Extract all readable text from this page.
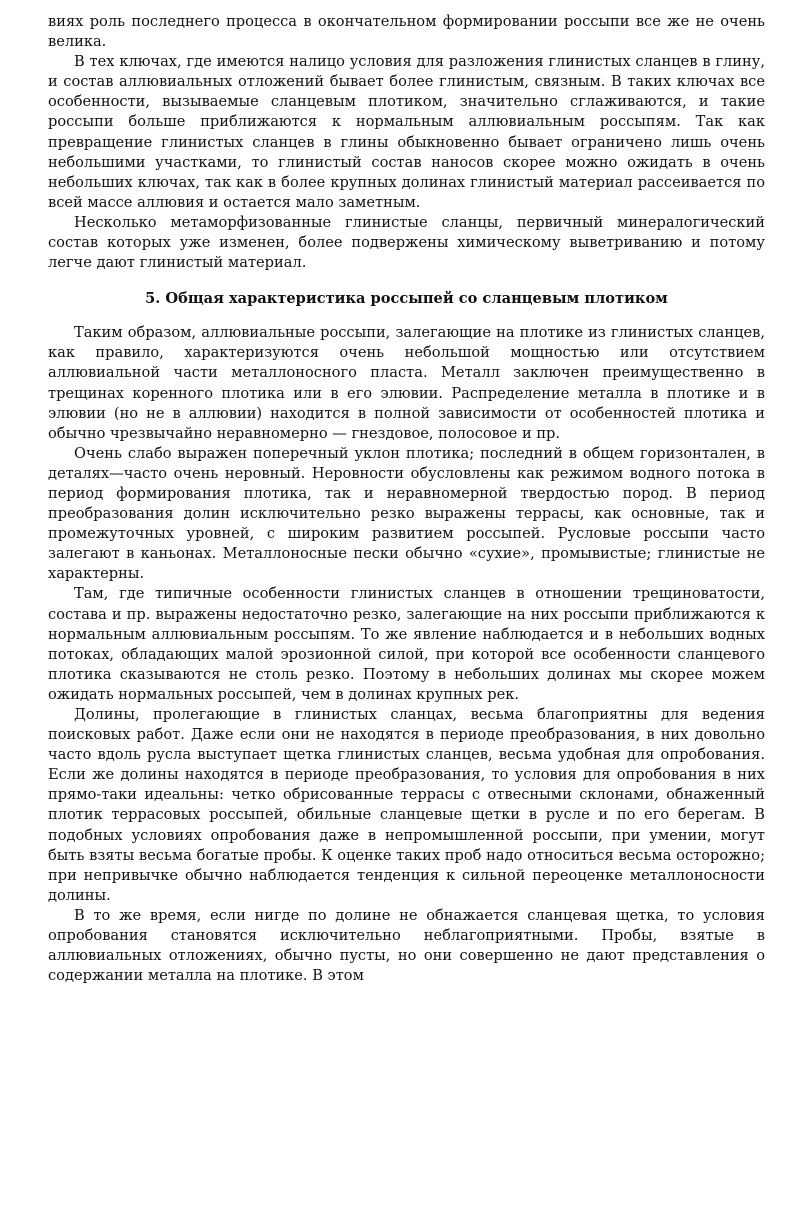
виях роль последнего процесса в окончательном формировании россыпи все же не очень велика.

В тех ключах, где имеются налицо условия для разложения глинистых сланцев в глину, и состав аллювиальных отложений бывает более глинистым, связным. В таких ключах все особенности, вызываемые сланцевым плотиком, значительно сглаживаются, и такие россыпи больше приближаются к нормальным аллювиальным россыпям. Так как превращение глинистых сланцев в глины обыкновенно бывает ограничено лишь очень небольшими участками, то глинистый состав наносов скорее можно ожидать в очень небольших ключах, так как в более крупных долинах глинистый материал рассеивается по всей массе аллювия и остается мало заметным.

Несколько метаморфизованные глинистые сланцы, первичный минералогический состав которых уже изменен, более подвержены химическому выветриванию и потому легче дают глинистый материал.

5. Общая характеристика россыпей со сланцевым плотиком

Таким образом, аллювиальные россыпи, залегающие на плотике из глинистых сланцев, как правило, характеризуются очень небольшой мощностью или отсутствием аллювиальной части металлоносного пласта. Металл заключен преимущественно в трещинах коренного плотика или в его элювии. Распределение металла в плотике и в элювии (но не в аллювии) находится в полной зависимости от особенностей плотика и обычно чрезвычайно неравномерно — гнездовое, полосовое и пр.

Очень слабо выражен поперечный уклон плотика; последний в общем горизонтален, в деталях—часто очень неровный. Неровности обусловлены как режимом водного потока в период формирования плотика, так и неравномерной твердостью пород. В период преобразования долин исключительно резко выражены террасы, как основные, так и промежуточных уровней, с широким развитием россыпей. Русловые россыпи часто залегают в каньонах. Металлоносные пески обычно «сухие», промывистые; глинистые не характерны.

Там, где типичные особенности глинистых сланцев в отношении трещиноватости, состава и пр. выражены недостаточно резко, залегающие на них россыпи приближаются к нормальным аллювиальным россыпям. То же явление наблюдается и в небольших водных потоках, обладающих малой эрозионной силой, при которой все особенности сланцевого плотика сказываются не столь резко. Поэтому в небольших долинах мы скорее можем ожидать нормальных россыпей, чем в долинах крупных рек.

Долины, пролегающие в глинистых сланцах, весьма благоприятны для ведения поисковых работ. Даже если они не находятся в периоде преобразования, в них довольно часто вдоль русла выступает щетка глинистых сланцев, весьма удобная для опробования. Если же долины находятся в периоде преобразования, то условия для опробования в них прямо-таки идеальны: четко обрисованные террасы с отвесными склонами, обнаженный плотик террасовых россыпей, обильные сланцевые щетки в русле и по его берегам. В подобных условиях опробования даже в непромышленной россыпи, при умении, могут быть взяты весьма богатые пробы. К оценке таких проб надо относиться весьма осторожно; при непривычке обычно наблюдается тенденция к сильной переоценке металлоносности долины.

В то же время, если нигде по долине не обнажается сланцевая щетка, то условия опробования становятся исключительно неблагоприятными. Пробы, взятые в аллювиальных отложениях, обычно пусты, но они совершенно не дают представления о содержании металла на плотике. В этом
